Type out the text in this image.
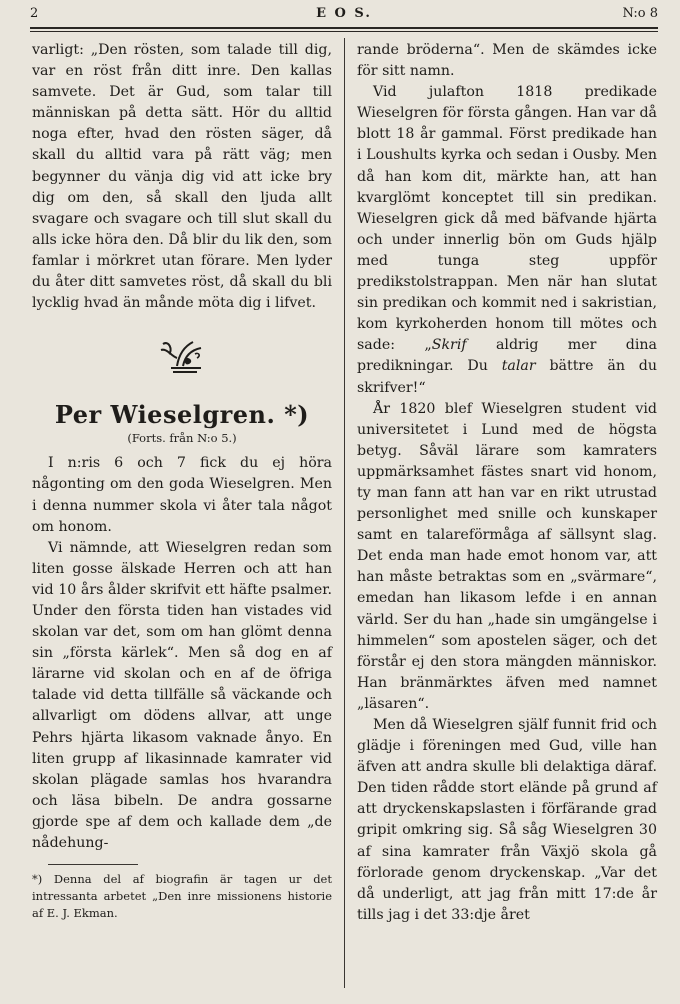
2	E O S.	N:o 8

varligt: „Den rösten, som talade till dig, var en röst från ditt inre. Den kallas samvete. Det är Gud, som talar till människan på detta sätt. Hör du alltid noga efter, hvad den rösten säger, då skall du alltid vara på rätt väg; men begynner du vänja dig vid att icke bry dig om den, så skall den ljuda allt svagare och svagare och till slut skall du alls icke höra den. Då blir du lik den, som famlar i mörkret utan förare. Men lyder du åter ditt samvetes röst, då skall du bli lycklig hvad än månde möta dig i lifvet.

Per Wieselgren. *)
(Forts. från N:o 5.)

I n:ris 6 och 7 fick du ej höra någonting om den goda Wieselgren. Men i denna nummer skola vi åter tala något om honom.

Vi nämnde, att Wieselgren redan som liten gosse älskade Herren och att han vid 10 års ålder skrifvit ett häfte psalmer. Under den första tiden han vistades vid skolan var det, som om han glömt denna sin „första kärlek“. Men så dog en af lärarne vid skolan och en af de öfriga talade vid detta tillfälle så väckande och allvarligt om dödens allvar, att unge Pehrs hjärta likasom vaknade ånyo. En liten grupp af likasinnade kamrater vid skolan plägade samlas hos hvarandra och läsa bibeln. De andra gossarne gjorde spe af dem och kallade dem „de nådehung-

*) Denna del af biografin är tagen ur det intressanta arbetet „Den inre missionens historie af E. J. Ekman.

rande bröderna“. Men de skämdes icke för sitt namn.

Vid julafton 1818 predikade Wieselgren för första gången. Han var då blott 18 år gammal. Först predikade han i Loushults kyrka och sedan i Ousby. Men då han kom dit, märkte han, att han kvarglömt konceptet till sin predikan. Wieselgren gick då med bäfvande hjärta och under innerlig bön om Guds hjälp med tunga steg uppför predikstolstrappan. Men när han slutat sin predikan och kommit ned i sakristian, kom kyrkoherden honom till mötes och sade: „Skrif aldrig mer dina predikningar. Du talar bättre än du skrifver!“

År 1820 blef Wieselgren student vid universitetet i Lund med de högsta betyg. Såväl lärare som kamraters uppmärksamhet fästes snart vid honom, ty man fann att han var en rikt utrustad personlighet med snille och kunskaper samt en talareförmåga af sällsynt slag. Det enda man hade emot honom var, att han måste betraktas som en „svärmare“, emedan han likasom lefde i en annan värld. Ser du han „hade sin umgängelse i himmelen“ som apostelen säger, och det förstår ej den stora mängden människor. Han bränmärktes äfven med namnet „läsaren“.

Men då Wieselgren själf funnit frid och glädje i föreningen med Gud, ville han äfven att andra skulle bli delaktiga däraf. Den tiden rådde stort elände på grund af att dryckenskapslasten i förfärande grad gripit omkring sig. Så såg Wieselgren 30 af sina kamrater från Växjö skola gå förlorade genom dryckenskap. „Var det då underligt, att jag från mitt 17:de år tills jag i det 33:dje året
